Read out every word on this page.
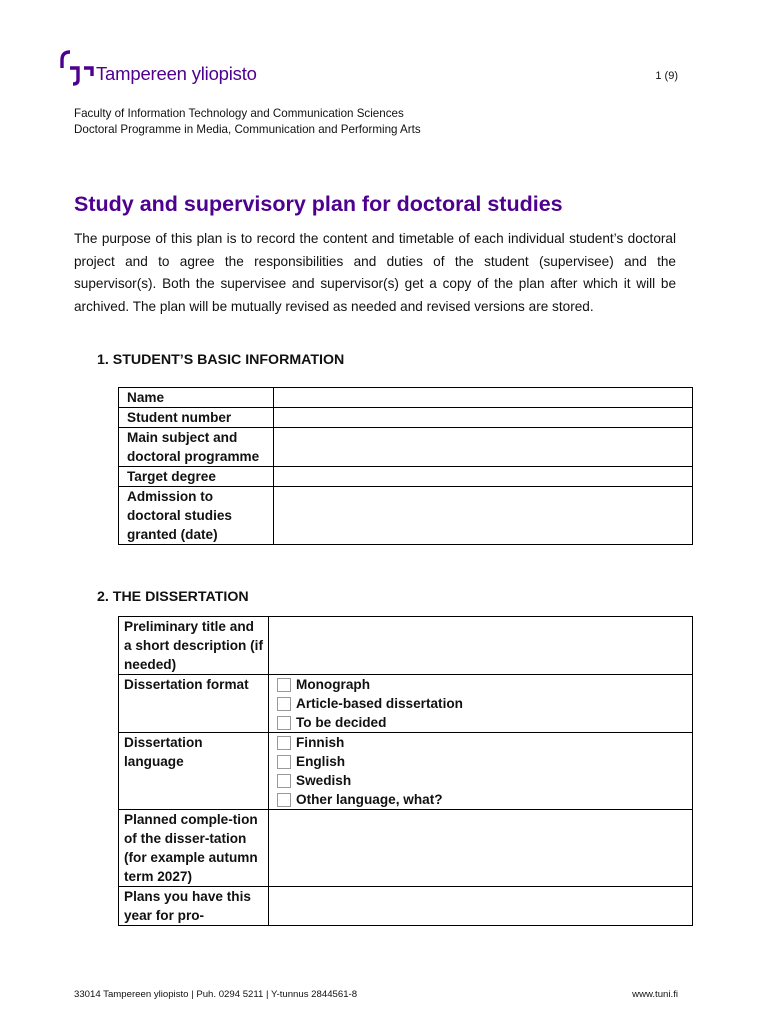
Tampereen yliopisto	1 (9)
Faculty of Information Technology and Communication Sciences
Doctoral Programme in Media, Communication and Performing Arts
Study and supervisory plan for doctoral studies

The purpose of this plan is to record the content and timetable of each individual student’s doctoral project and to agree the responsibilities and duties of the student (supervisee) and the supervisor(s). Both the supervisee and supervisor(s) get a copy of the plan after which it will be archived. The plan will be mutually revised as needed and revised versions are stored.

1. STUDENT’S BASIC INFORMATION
Name	
Student number	
Main subject and doctoral programme	
Target degree	
Admission to doctoral studies granted (date)	
2. THE DISSERTATION
Preliminary title and a short description (if needed)	
Dissertation format	Monograph
Article-based dissertation
To be decided

Dissertation language	Finnish
English
Swedish
Other language, what?

Planned comple-tion of the disser-tation (for example autumn term 2027)	
Plans you have this year for pro-	
33014 Tampereen yliopisto | Puh. 0294 5211 | Y-tunnus 2844561-8	www.tuni.fi
